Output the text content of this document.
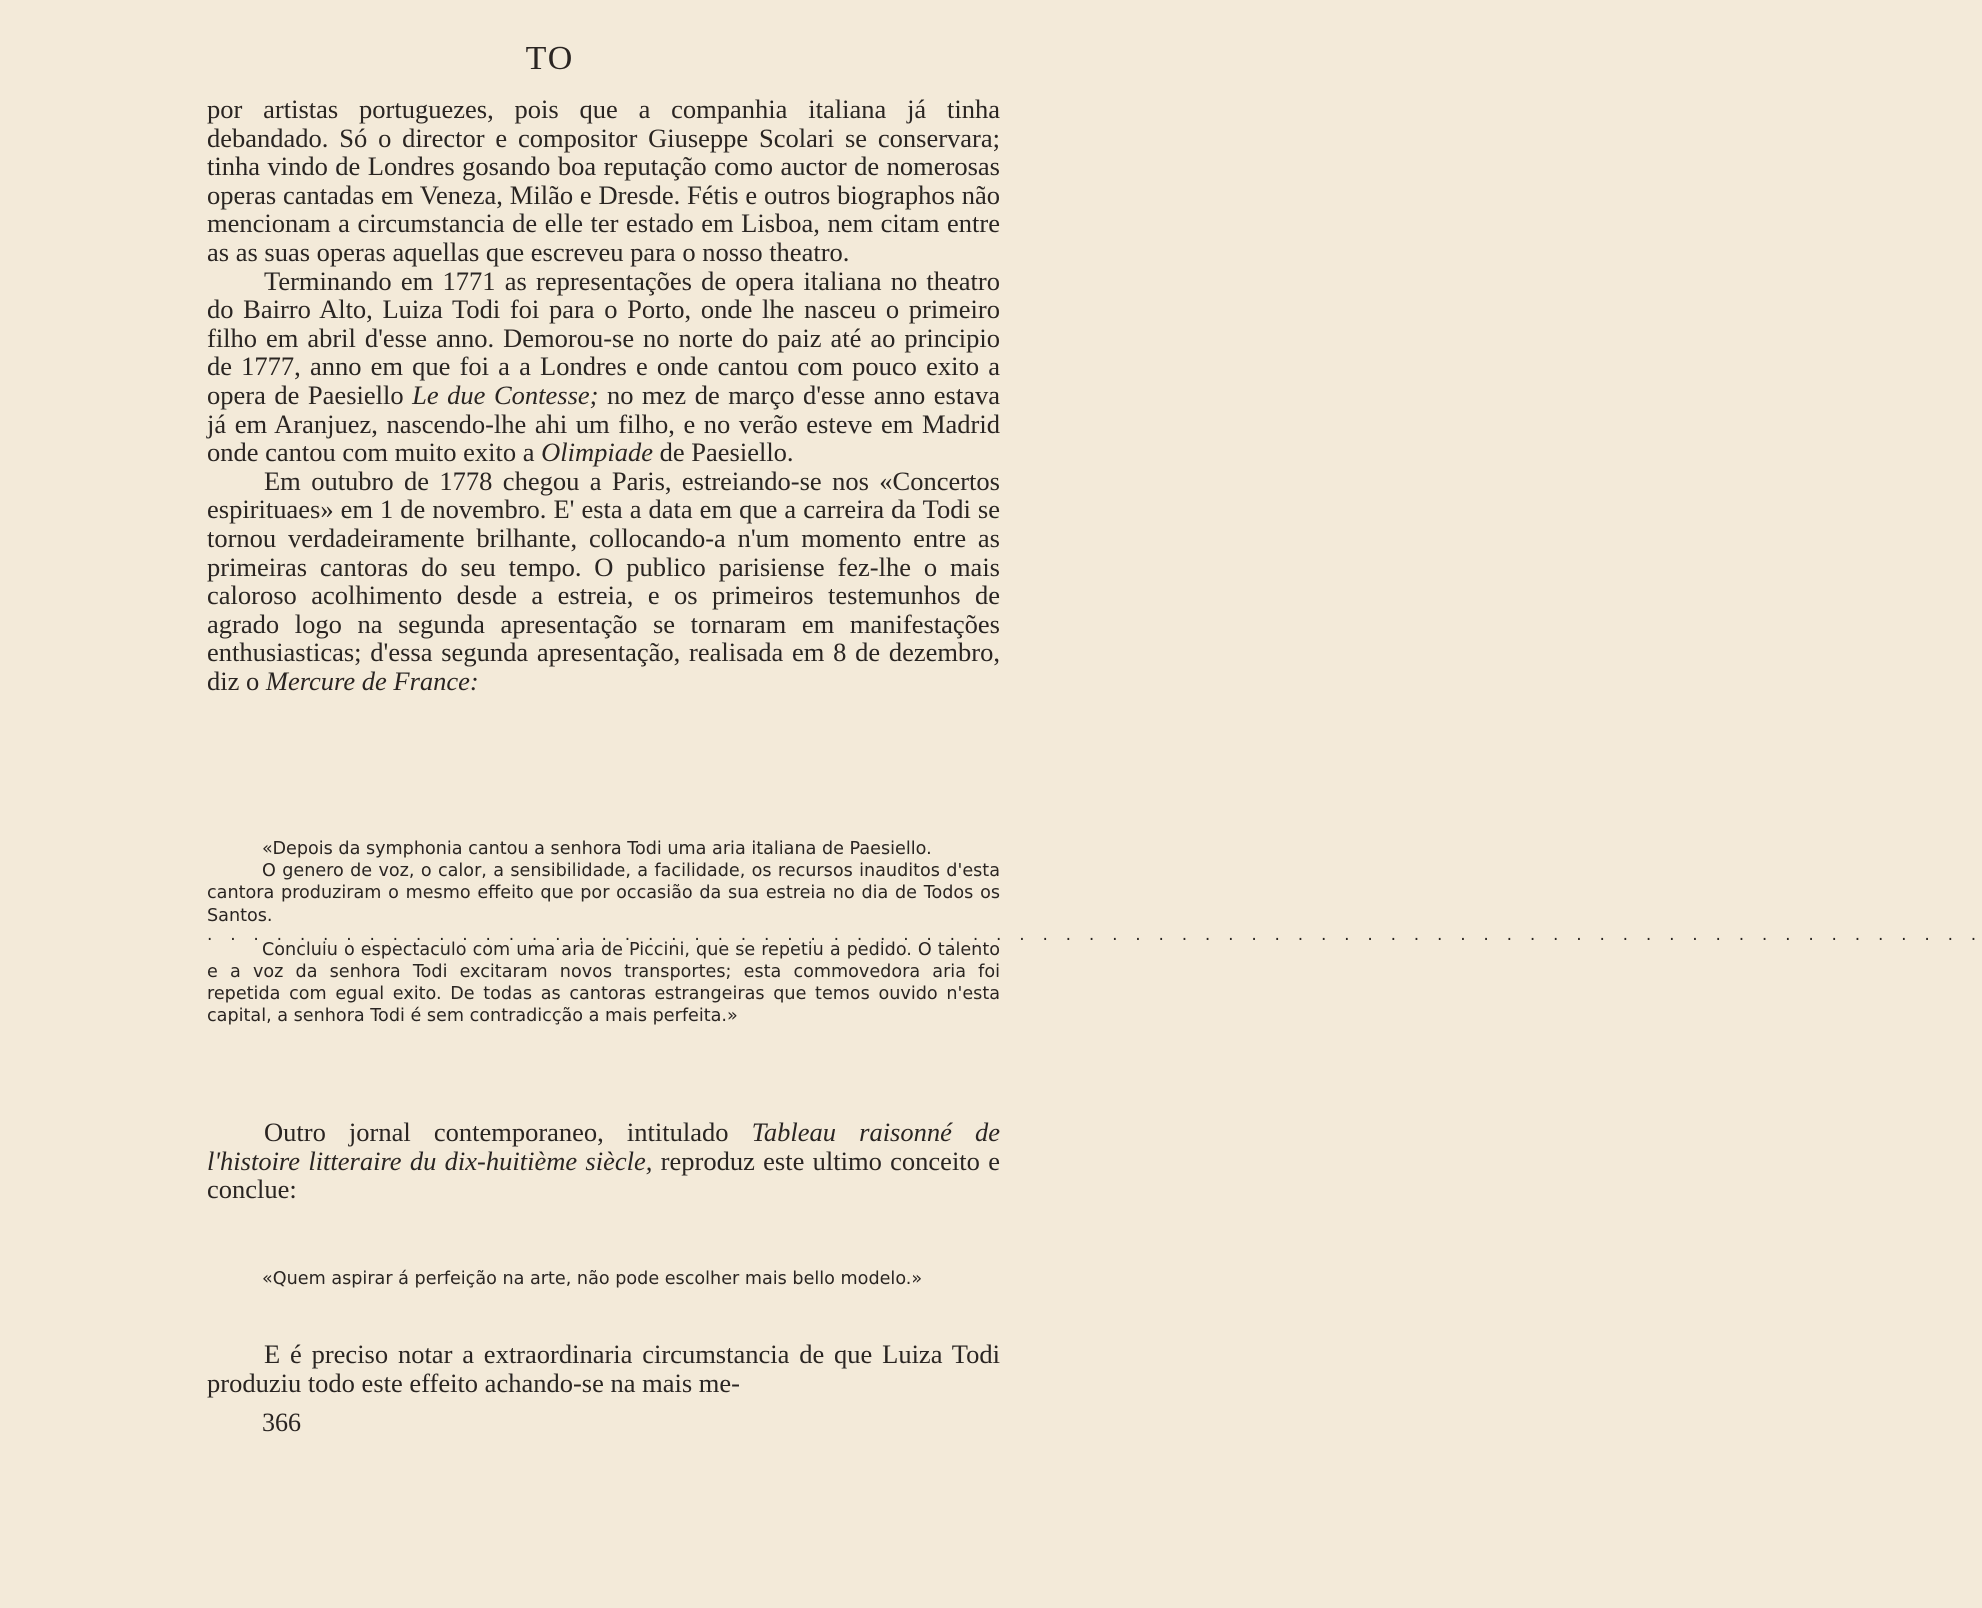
TO

por artistas portuguezes, pois que a companhia italiana já tinha debandado. Só o director e compositor Giuseppe Scolari se conservara; tinha vindo de Londres gosando boa reputação como auctor de nomerosas operas cantadas em Veneza, Milão e Dresde. Fétis e outros biographos não mencionam a circumstancia de elle ter estado em Lisboa, nem citam entre as as suas operas aquellas que escreveu para o nosso theatro.

Terminando em 1771 as representações de opera italiana no theatro do Bairro Alto, Luiza Todi foi para o Porto, onde lhe nasceu o primeiro filho em abril d'esse anno. Demorou-se no norte do paiz até ao principio de 1777, anno em que foi a a Londres e onde cantou com pouco exito a opera de Paesiello Le due Contesse; no mez de março d'esse anno estava já em Aranjuez, nascendo-lhe ahi um filho, e no verão esteve em Madrid onde cantou com muito exito a Olimpiade de Paesiello.

Em outubro de 1778 chegou a Paris, estreiando-se nos «Concertos espirituaes» em 1 de novembro. E' esta a data em que a carreira da Todi se tornou verdadeiramente brilhante, collocando-a n'um momento entre as primeiras cantoras do seu tempo. O publico parisiense fez-lhe o mais caloroso acolhimento desde a estreia, e os primeiros testemunhos de agrado logo na segunda apresentação se tornaram em manifestações enthusiasticas; d'essa segunda apresentação, realisada em 8 de dezembro, diz o Mercure de France:

«Depois da symphonia cantou a senhora Todi uma aria italiana de Paesiello.

O genero de voz, o calor, a sensibilidade, a facilidade, os recursos inauditos d'esta cantora produziram o mesmo effeito que por occasião da sua estreia no dia de Todos os Santos.

. . . . . . . . . . . . . . . . . . . . . . . . . . . . . . . . . . . . . . . . . . . . . . . . . . . . . . . . . . . . . . . . . . . . . . . . . . . . .

Concluiu o espectaculo com uma aria de Piccini, que se repetiu a pedido. O talento e a voz da senhora Todi excitaram novos transportes; esta commovedora aria foi repetida com egual exito. De todas as cantoras estrangeiras que temos ouvido n'esta capital, a senhora Todi é sem contradicção a mais perfeita.»

Outro jornal contemporaneo, intitulado Tableau raisonné de l'histoire litteraire du dix-huitième siècle, reproduz este ultimo conceito e conclue:

«Quem aspirar á perfeição na arte, não pode escolher mais bello modelo.»

E é preciso notar a extraordinaria circumstancia de que Luiza Todi produziu todo este effeito achando-se na mais me-

366
